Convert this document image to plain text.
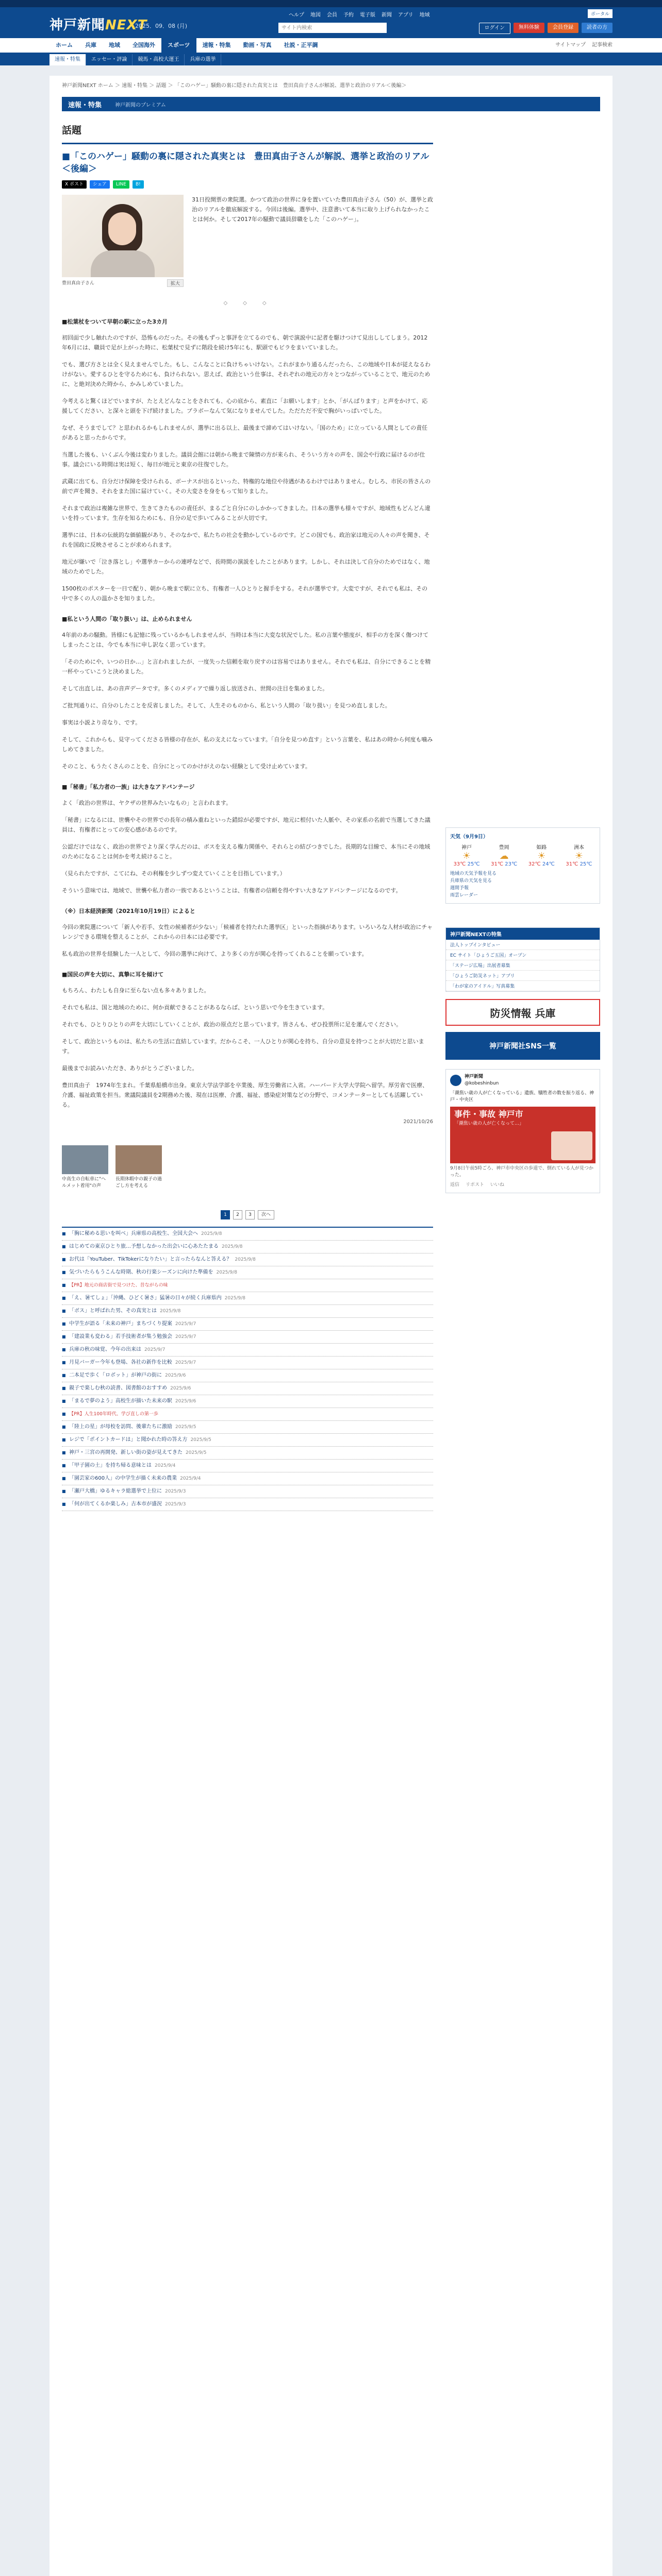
神戸新聞NEXT
2025．09．08 (月)
ヘルプ 地図 会員 予約 電子版 新聞 アプリ 地域	ポータル
サイト内検索
ログイン	無料体験	会員登録	読者の方
ホーム	兵庫	地域	全国海外	スポーツ	速報・特集	動画・写真	社説・正平調	サイトマップ 記事検索
速報・特集	エッセー・評論	競馬・高校大運王	兵庫の選挙
神戸新聞NEXT ホーム ＞ 速報・特集 ＞ 話題 ＞ 「このハゲー」騒動の裏に隠された真実とは　豊田真由子さんが解説、選挙と政治のリアル＜後編＞
速報・特集	神戸新聞のプレミアム
話題
■「このハゲー」騒動の裏に隠された真実とは　豊田真由子さんが解説、選挙と政治のリアル＜後編＞
X ポスト	シェア	LINE	B!
豊田真由子さん	拡大

31日投開票の衆院選。かつて政治の世界に身を置いていた豊田真由子さん（50）が、選挙と政治のリアルを徹底解説する。今回は後編。選挙中、注意書いて本当に取り上げられなかったことは何か。そして2017年の騒動で議員辞職をした「このハゲー」。

◇　◇　◇
■松葉杖をついて早朝の駅に立った3カ月

初回面で少し触れたのですが、恐怖ものだった。その後もずっと事評を立てるのでも、朝で演説中に記者を駆けつけて見出ししてしまう。2012年6月には、職員で足が上がった時に、松葉杖で見ずに階段を続け5年にも、駅頭でもビラをまいていました。

でも、選び方さとは全く見えませんでした。もし、こんなことに負けちゃいけない。これがまかり通るんだったら、この地域や日本が従えなるわけがない。愛するひとを守るためにも、負けられない。思えば、政治という仕事は、それぞれの地元の方々とつながっていることで、地元のために、と絶対決めた時から、かみしめていました。

今考えると驚くほどでいますが、たとえどんなことをされても、心の底から、素直に「お願いします」とか、「がんばります」と声をかけて、応援してください、と深々と頭を下げ続けました。ブラボーなんて気になりませんでした。ただただ不安で胸がいっぱいでした。

なぜ、そうまでして？と思われるかもしれませんが、選挙に出る以上、最後まで諦めてはいけない。「国のため」に立っている人間としての責任があると思ったからです。

当選した後も、いくぶん今後は変わりました。議員会館には朝から晩まで陳情の方が来られ、そういう方々の声を、国会や行政に届けるのが仕事。議会にいる時間は実は短く、毎日が地元と東京の往復でした。

武蔵に出ても、自分だけ保障を受けられる、ボーナスが出るといった、特権的な地位や待遇があるわけではありません。むしろ、市民の皆さんの前で声を聞き、それをまた国に届けていく。その大変さを身をもって知りました。

それまで政治は複雑な世界で、生きてきたものの責任が、まるごと自分にのしかかってきました。日本の選挙も様々ですが、地域性もどんどん違いを持っています。生存を知るためにも、自分の足で歩いてみることが大切です。

選挙には、日本の伝統的な価値観があり、そのなかで、私たちの社会を動かしているのです。どこの国でも、政治家は地元の人々の声を聞き、それを国政に反映させることが求められます。

地元が嫌いで「泣き落とし」や選挙カーからの連呼などで、長時間の演説をしたことがあります。しかし、それは決して自分のためではなく、地域のためでした。

1500枚のポスターを一日で配り、朝から晩まで駅に立ち、有権者一人ひとりと握手をする。それが選挙です。大変ですが、それでも私は、その中で多くの人の温かさを知りました。

■私という人間の「取り扱い」は、止められません

4年前のあの騒動。皆様にも記憶に残っているかもしれませんが、当時は本当に大変な状況でした。私の言葉や態度が、相手の方を深く傷つけてしまったことは、今でも本当に申し訳なく思っています。

「そのためにや、いつの日か…」と言われましたが、一度失った信頼を取り戻すのは容易ではありません。それでも私は、自分にできることを精一杯やっていこうと決めました。

そして出直しは、あの音声データです。多くのメディアで繰り返し放送され、世間の注目を集めました。

ご批判通りに、自分のしたことを反省しました。そして、人生そのものから、私という人間の「取り扱い」を見つめ直しました。

事実は小説より奇なり、です。

そして、これからも、見守ってくださる皆様の存在が、私の支えになっています。「自分を見つめ直す」という言葉を、私はあの時から何度も噛みしめてきました。

そのこと、もうたくさんのことを、自分にとってのかけがえのない経験として受け止めています。

■「秘書」「私力者の一族」は大きなアドバンテージ

よく「政治の世界は、ヤクザの世界みたいなもの」と言われます。

「秘書」になるには、世襲やその世界での長年の積み重ねといった錯綜が必要ですが、地元に根付いた人脈や、その家系の名前で当選してきた議員は、有権者にとっての安心感があるのです。

公認だけではなく、政治の世界でより深く学んだのは、ボスを支える権力関係や、それらとの結びつきでした。長期的な目線で、本当にその地域のためになることは何かを考え続けること。

（見られたですが、こてにね、その利権を少しずつ変えていくことを目指しています。）

そういう意味では、地域で、世襲や私力者の一族であるということは、有権者の信頼を得やすい大きなアドバンテージになるのです。

（※）日本経済新聞（2021年10月19日）によると

今回の衆院選について「新人や若手、女性の候補者が少ない」「候補者を持たれた選挙区」といった指摘があります。いろいろな人材が政治にチャレンジできる環境を整えることが、これからの日本には必要です。

私も政治の世界を経験した一人として、今回の選挙に向けて、より多くの方が関心を持ってくれることを願っています。

■国民の声を大切に、真摯に耳を傾けて

もちろん、わたしも自身に至らない点も多々ありました。

それでも私は、国と地域のために、何か貢献できることがあるならば、という思いで今を生きています。

それでも、ひとりひとりの声を大切にしていくことが、政治の原点だと思っています。皆さんも、ぜひ投票所に足を運んでください。

そして、政治というものは、私たちの生活に直結しています。だからこそ、一人ひとりが関心を持ち、自分の意見を持つことが大切だと思います。

最後までお読みいただき、ありがとうございました。

豊田真由子　1974年生まれ。千葉県船橋市出身。東京大学法学部を卒業後、厚生労働省に入省。ハーバード大学大学院へ留学。厚労省で医療、介護、福祉政策を担当。衆議院議員を2期務めた後、現在は医療、介護、福祉、感染症対策などの分野で、コメンテーターとしても活躍している。

2021/10/26
中高生の自転車に"ヘルメット着用"の声
長期休暇中の親子の過ごし方を考える
1	2	3	次へ
■ 「胸に秘める思いを叫べ」兵庫県の高校生、全国大会へ 2025/9/8
■ はじめての東京ひとり旅…予想しなかった出会いに心あたたまる 2025/9/8
■ お代は「YouTuber、TikTokerになりたい」と言ったらなんと答える？ 2025/9/8
■ 気づいたらもうこんな時期、秋の行楽シーズンに向けた準備を 2025/9/8
■ 【PR】地元の商店街で見つけた、昔ながらの味
■ 「え、暑てしょ」「沖縄、ひどく暑さ」猛暑の日々が続く兵庫県内 2025/9/8
■ 「ボス」と呼ばれた男、その真実とは 2025/9/8
■ 中学生が語る「未来の神戸」まちづくり提案 2025/9/7
■ 「建設業も変わる」若手技術者が集う勉強会 2025/9/7
■ 兵庫の秋の味覚、今年の出来は 2025/9/7
■ 月見バーガー今年も登場、各社の新作を比較 2025/9/7
■ 二本足で歩く「ロボット」が神戸の街に 2025/9/6
■ 親子で楽しむ秋の読書、図書館のおすすめ 2025/9/6
■ 「まるで夢のよう」高校生が描いた未来の駅 2025/9/6
■ 【PR】人生100年時代、学び直しの第一歩
■ 「陸上の星」が母校を訪問、後輩たちに激励 2025/9/5
■ レジで「ポイントカードは」と聞かれた時の答え方 2025/9/5
■ 神戸・三宮の再開発、新しい街の姿が見えてきた 2025/9/5
■ 「甲子園の土」を持ち帰る意味とは 2025/9/4
■ 「園芸家の600人」の中学生が描く未来の農業 2025/9/4
■ 「瀬戸大橋」ゆるキャラ総選挙で上位に 2025/9/3
■ 「何が出てくるか楽しみ」古本市が盛況 2025/9/3
天気（9月9日）
神戸
☀
33℃ 25℃
豊岡
☁
31℃ 23℃
姫路
☀
32℃ 24℃
洲本
☀
31℃ 25℃
地域の天気予報を見る
兵庫県の天気を見る
週間予報
雨雲レーダー
神戸新聞NEXTの特集
法人トップインタビュー
EC サイト「ひょうご五国」オープン
「ステージ広場」出展者募集
「ひょうご防災ネット」アプリ
「わが家のアイドル」写真募集
防災情報 兵庫
神戸新聞社SNS一覧
神戸新聞
@kobeshinbun
「潮焦い歳の人が亡くなっている」遺族、犠牲者の数を振り返る、神戸・中央区
事件・事故 神戸市
「潮焦い歳の人が亡くなって…」
9月8日午前5時ごろ、神戸市中央区の歩道で、倒れている人が見つかった。
返信 リポスト いいね
